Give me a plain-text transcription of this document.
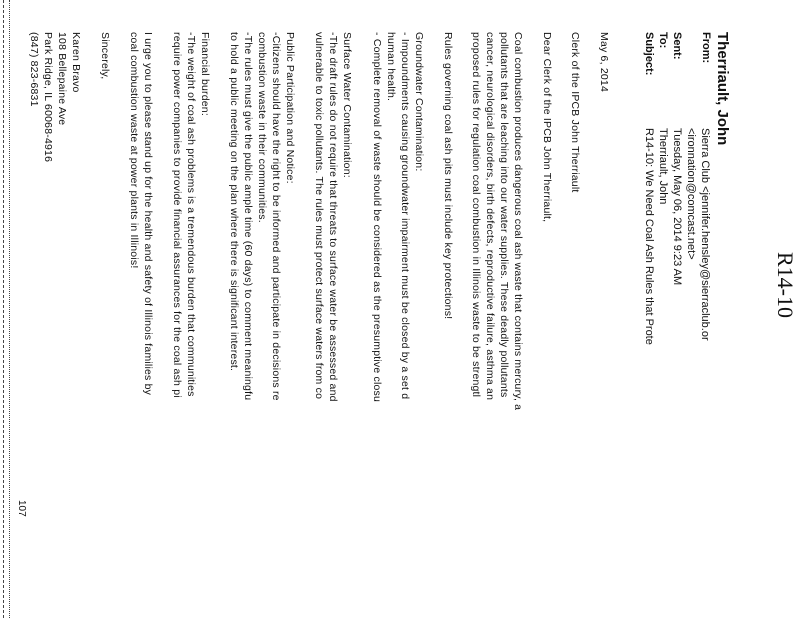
R14-10
Therriault, John
From:
Sierra Club <jennifer.hensley@sierraclub.or
<ironnation@comcast.net>
Sent:
Tuesday, May 06, 2014 9:23 AM
To:
Therriault, John
Subject:
R14-10: We Need Coal Ash Rules that Prote
May 6, 2014
Clerk of the IPCB John Therriault
Dear Clerk of the IPCB John Therriault,
Coal combustion produces dangerous coal ash waste that contains mercury, a
pollutants that are leaching into our water supplies. These deadly pollutants
cancer, neurological disorders, birth defects, reproductive failure, asthma an
proposed rules for regulation coal combustion in Illinois waste to be strengtl
Rules governing coal ash pits must include key protections!
Groundwater Contamination:
- Impoundments causing groundwater impairment must be closed by a set d
human health.
- Complete removal of waste should be considered as the presumptive closu
Surface Water Contamination:
-The draft rules do not require that threats to surface water be assessed and
vulnerable to toxic pollutants. The rules must protect surface waters from co
Public Participation and Notice:
-Citizens should have the right to be informed and participate in decisions re
combustion waste in their communities.
-The rules must give the public ample time (60 days) to comment meaningfu
to hold a public meeting on the plan where there is significant interest.
Financial burden:
-The weight of coal ash problems is a tremendous burden that communities
require power companies to provide financial assurances for the coal ash pi
I urge you to please stand up for the health and safety of Illinois families by
coal combustion waste at power plants in Illinois!
Sincerely,
Karen Bravo
108 Bellepaine Ave
Park Ridge, IL 60068-4916
(847) 823-6831
107
